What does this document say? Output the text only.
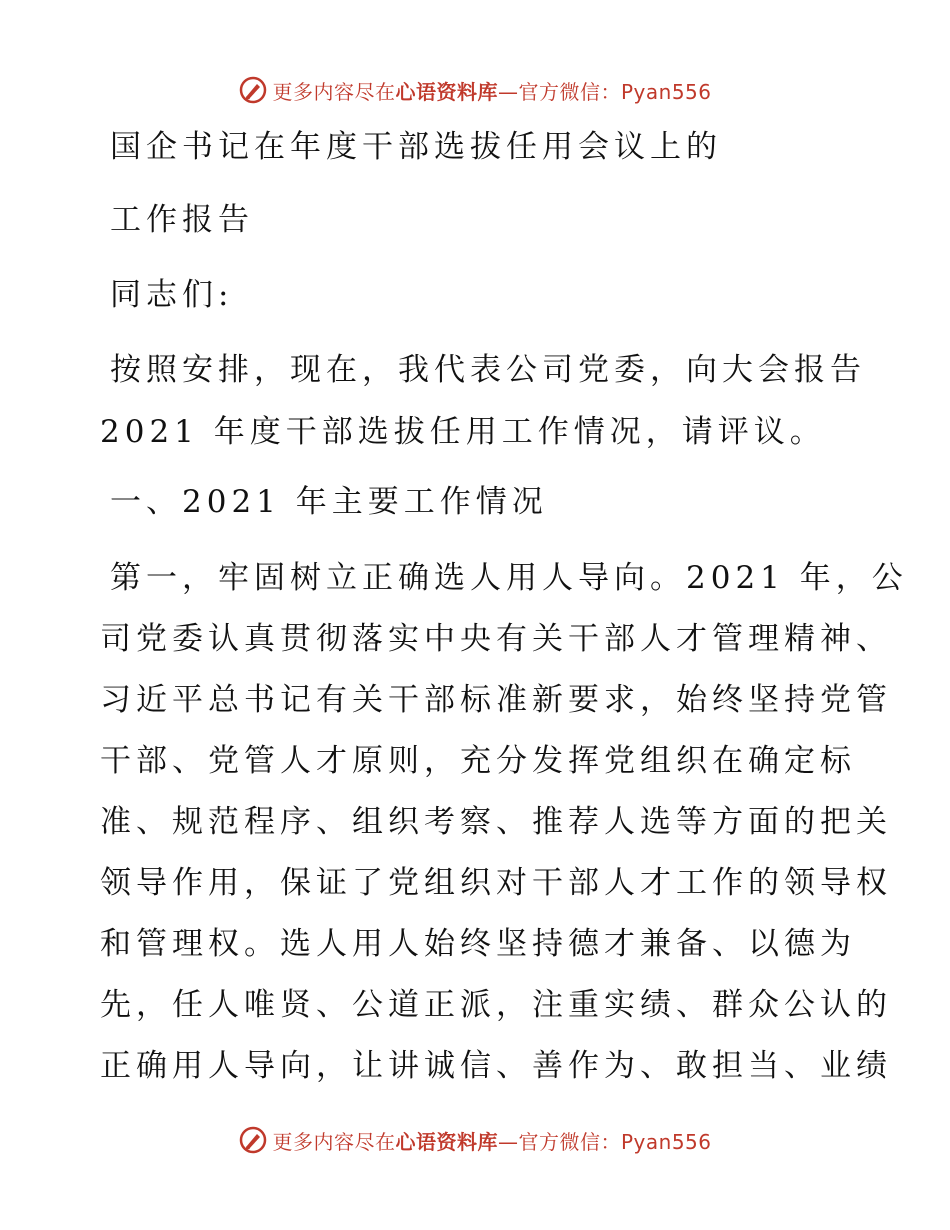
更多内容尽在心语资料库—官方微信：Pyan556
国企书记在年度干部选拔任用会议上的
工作报告
同志们:
按照安排，现在，我代表公司党委，向大会报告
2021 年度干部选拔任用工作情况，请评议。
一、2021 年主要工作情况
第一，牢固树立正确选人用人导向。2021 年，公
司党委认真贯彻落实中央有关干部人才管理精神、
习近平总书记有关干部标准新要求，始终坚持党管
干部、党管人才原则，充分发挥党组织在确定标
准、规范程序、组织考察、推荐人选等方面的把关
领导作用，保证了党组织对干部人才工作的领导权
和管理权。选人用人始终坚持德才兼备、以德为
先，任人唯贤、公道正派，注重实绩、群众公认的
正确用人导向，让讲诚信、善作为、敢担当、业绩
更多内容尽在心语资料库—官方微信：Pyan556
